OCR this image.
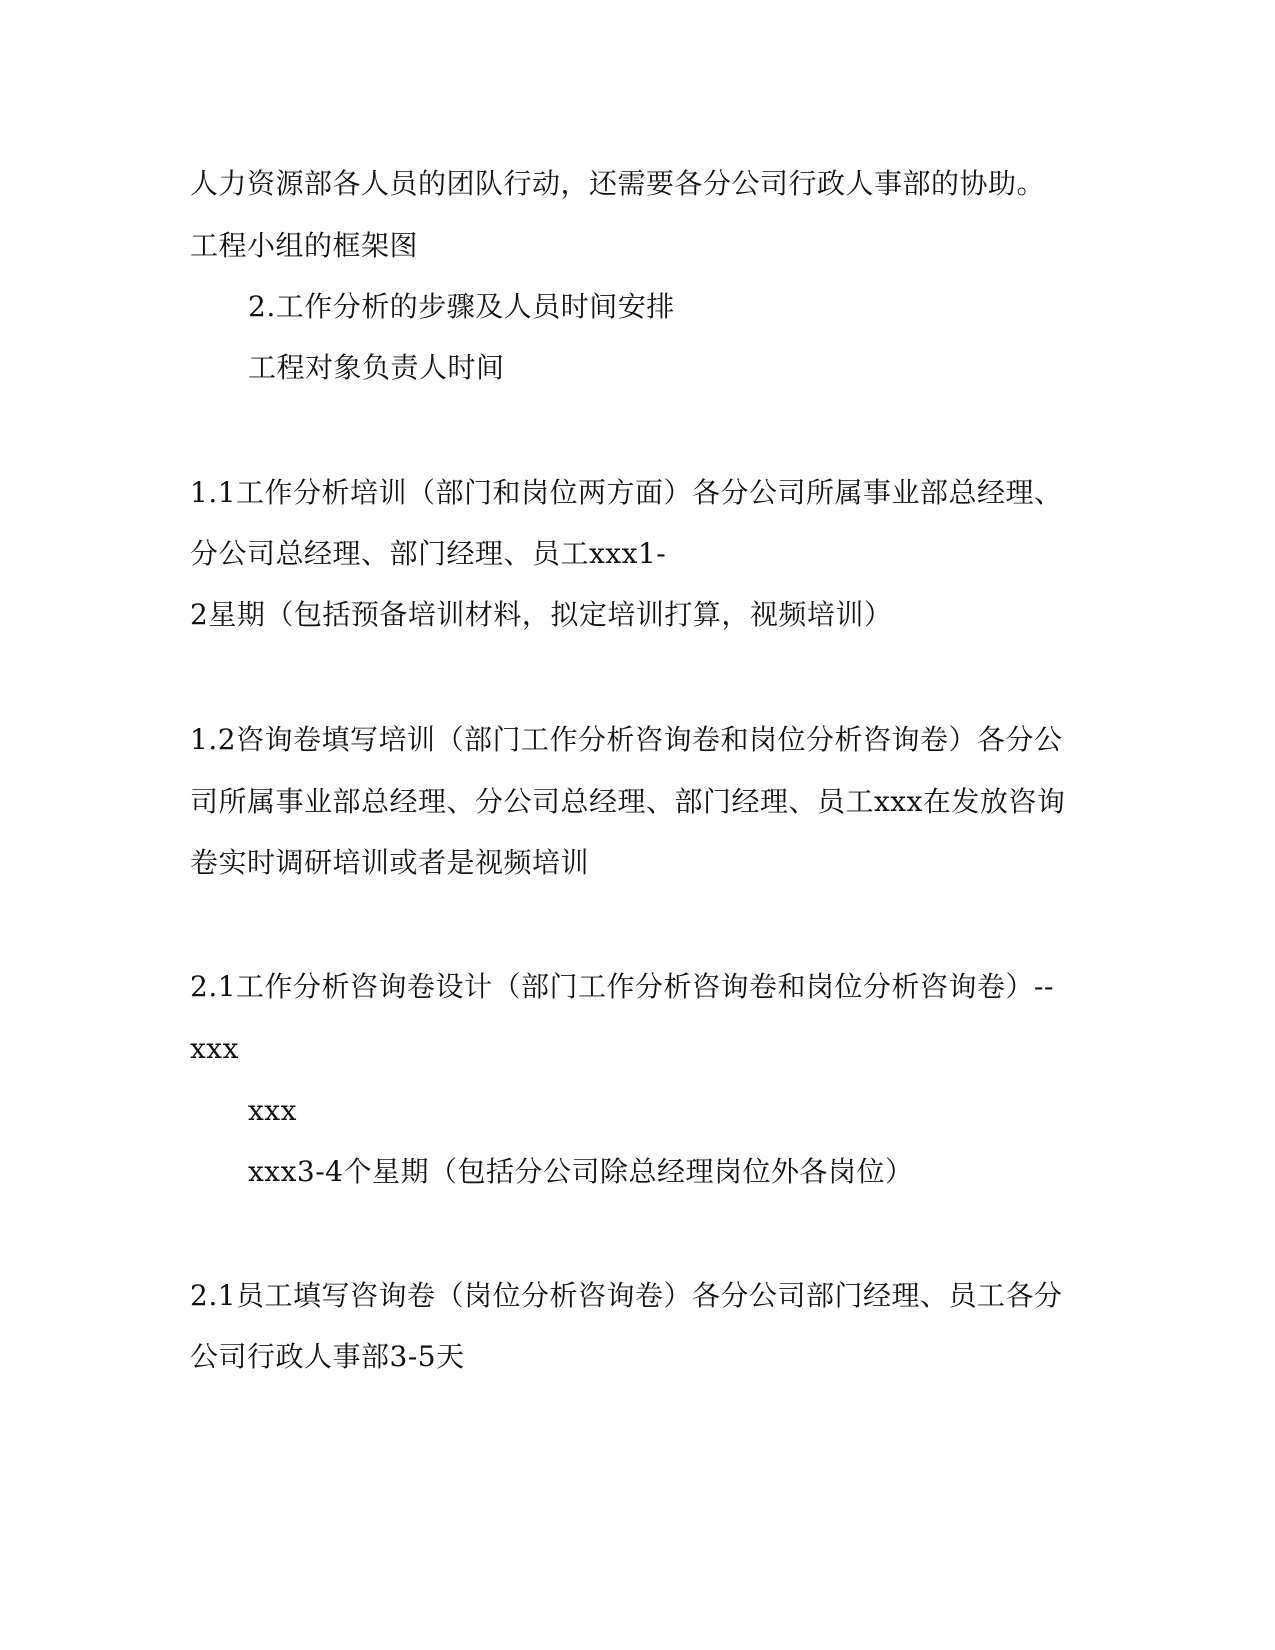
人力资源部各人员的团队行动，还需要各分公司行政人事部的协助。
工程小组的框架图
2.工作分析的步骤及人员时间安排
工程对象负责人时间
1.1工作分析培训（部门和岗位两方面）各分公司所属事业部总经理、
分公司总经理、部门经理、员工xxx1-
2星期（包括预备培训材料，拟定培训打算，视频培训）
1.2咨询卷填写培训（部门工作分析咨询卷和岗位分析咨询卷）各分公
司所属事业部总经理、分公司总经理、部门经理、员工xxx在发放咨询
卷实时调研培训或者是视频培训
2.1工作分析咨询卷设计（部门工作分析咨询卷和岗位分析咨询卷）--
xxx
xxx
xxx3-4个星期（包括分公司除总经理岗位外各岗位）
2.1员工填写咨询卷（岗位分析咨询卷）各分公司部门经理、员工各分
公司行政人事部3-5天
